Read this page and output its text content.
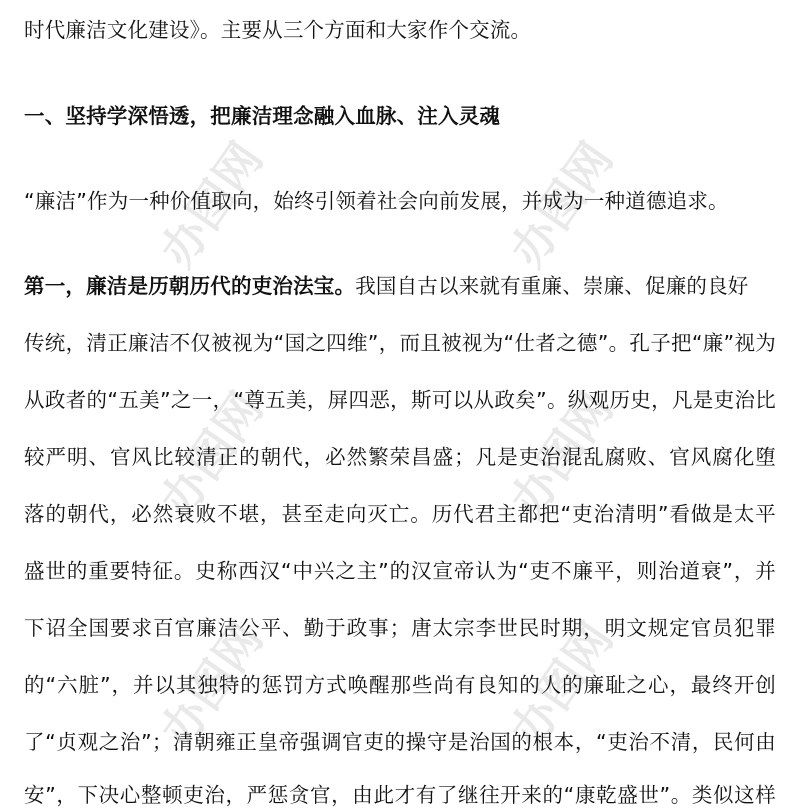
办图网	办图网
办图网	办图网
办图网	办图网
时代廉洁文化建设》。主要从三个方面和大家作个交流。
一、坚持学深悟透，把廉洁理念融入血脉、注入灵魂
“廉洁”作为一种价值取向，始终引领着社会向前发展，并成为一种道德追求。
第一，廉洁是历朝历代的吏治法宝。我国自古以来就有重廉、崇廉、促廉的良好
传统，清正廉洁不仅被视为“国之四维”，而且被视为“仕者之德”。孔子把“廉”视为
从政者的“五美”之一，“尊五美，屏四恶，斯可以从政矣”。纵观历史，凡是吏治比
较严明、官风比较清正的朝代，必然繁荣昌盛；凡是吏治混乱腐败、官风腐化堕
落的朝代，必然衰败不堪，甚至走向灭亡。历代君主都把“吏治清明”看做是太平
盛世的重要特征。史称西汉“中兴之主”的汉宣帝认为“吏不廉平，则治道衰”，并
下诏全国要求百官廉洁公平、勤于政事；唐太宗李世民时期，明文规定官员犯罪
的“六脏”，并以其独特的惩罚方式唤醒那些尚有良知的人的廉耻之心，最终开创
了“贞观之治”；清朝雍正皇帝强调官吏的操守是治国的根本，“吏治不清，民何由
安”，下决心整顿吏治，严惩贪官，由此才有了继往开来的“康乾盛世”。类似这样
